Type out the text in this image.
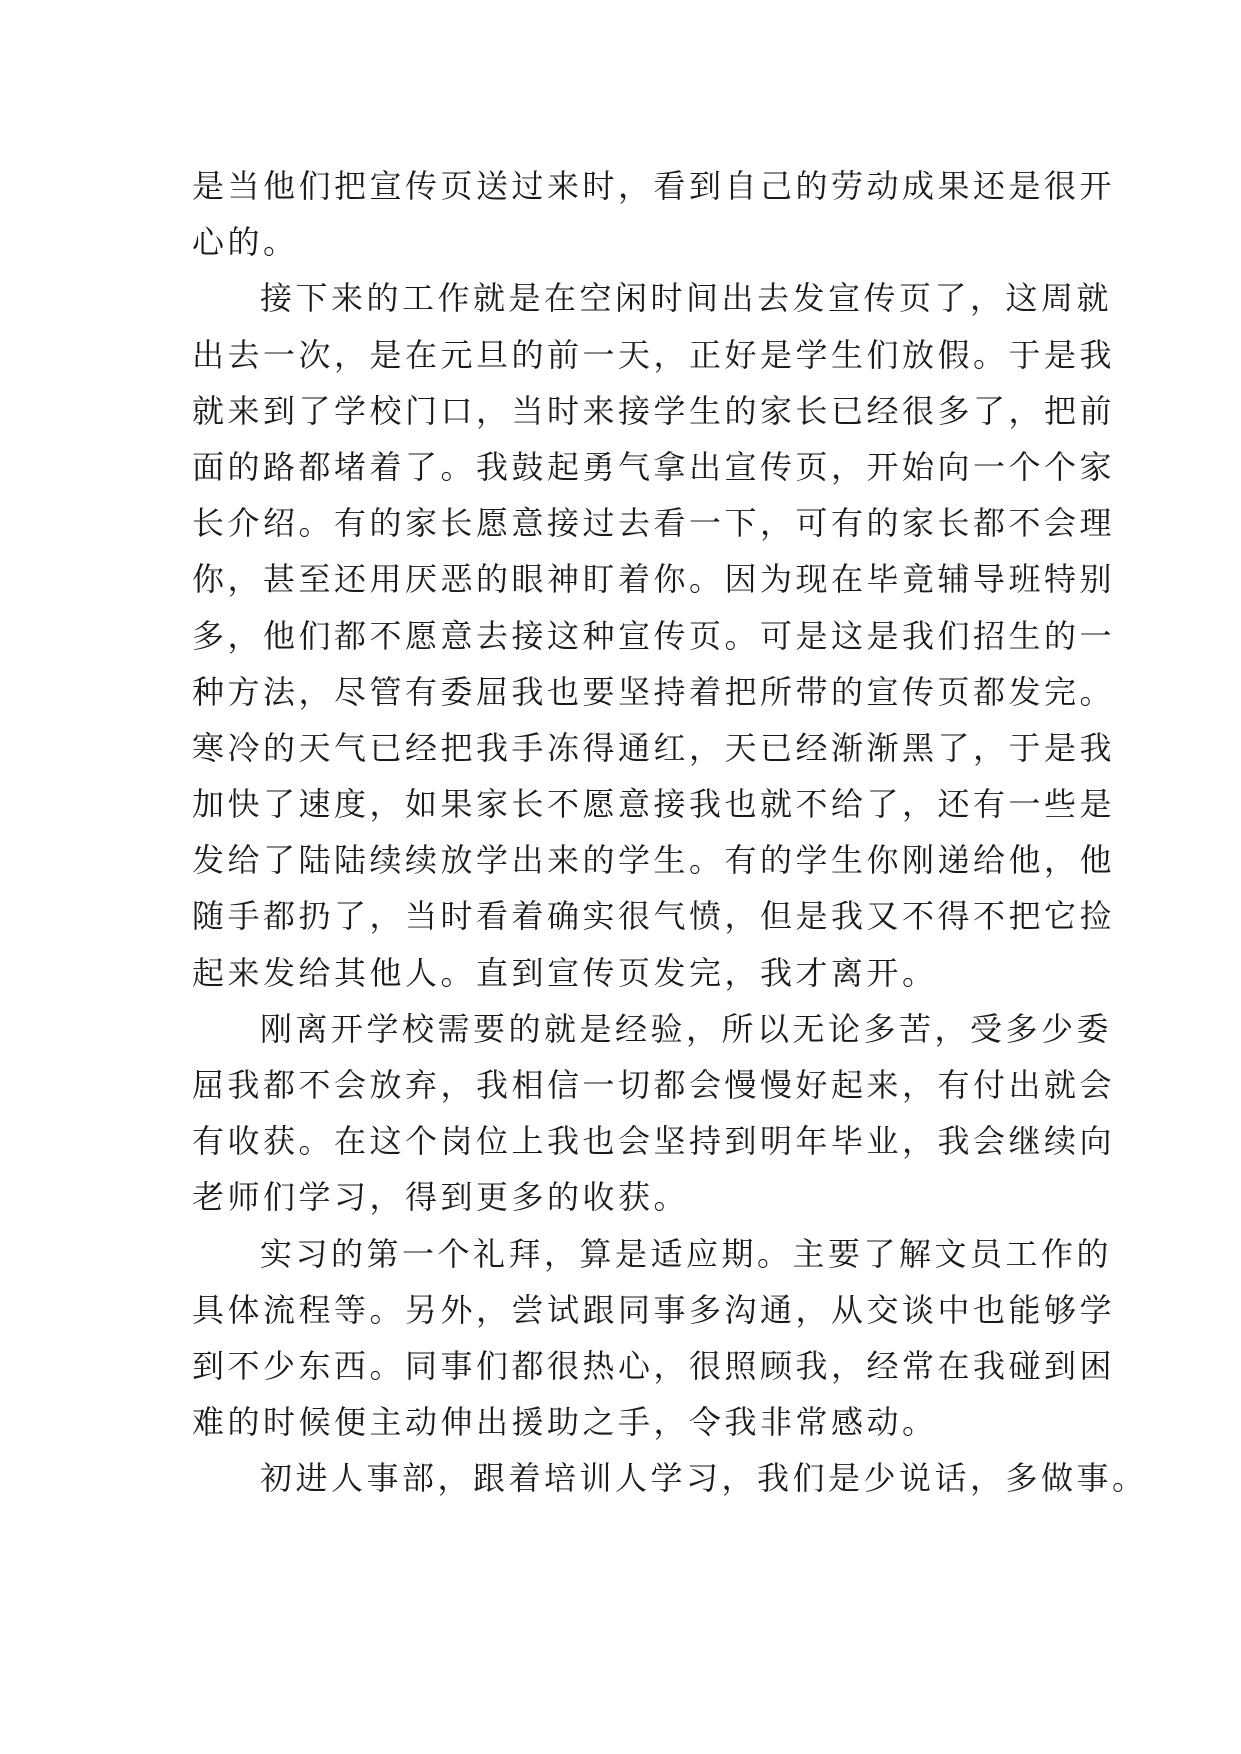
是当他们把宣传页送过来时，看到自己的劳动成果还是很开
心的。
接下来的工作就是在空闲时间出去发宣传页了，这周就
出去一次，是在元旦的前一天，正好是学生们放假。于是我
就来到了学校门口，当时来接学生的家长已经很多了，把前
面的路都堵着了。我鼓起勇气拿出宣传页，开始向一个个家
长介绍。有的家长愿意接过去看一下，可有的家长都不会理
你，甚至还用厌恶的眼神盯着你。因为现在毕竟辅导班特别
多，他们都不愿意去接这种宣传页。可是这是我们招生的一
种方法，尽管有委屈我也要坚持着把所带的宣传页都发完。
寒冷的天气已经把我手冻得通红，天已经渐渐黑了，于是我
加快了速度，如果家长不愿意接我也就不给了，还有一些是
发给了陆陆续续放学出来的学生。有的学生你刚递给他，他
随手都扔了，当时看着确实很气愤，但是我又不得不把它捡
起来发给其他人。直到宣传页发完，我才离开。
刚离开学校需要的就是经验，所以无论多苦，受多少委
屈我都不会放弃，我相信一切都会慢慢好起来，有付出就会
有收获。在这个岗位上我也会坚持到明年毕业，我会继续向
老师们学习，得到更多的收获。
实习的第一个礼拜，算是适应期。主要了解文员工作的
具体流程等。另外，尝试跟同事多沟通，从交谈中也能够学
到不少东西。同事们都很热心，很照顾我，经常在我碰到困
难的时候便主动伸出援助之手，令我非常感动。
初进人事部，跟着培训人学习，我们是少说话，多做事。
